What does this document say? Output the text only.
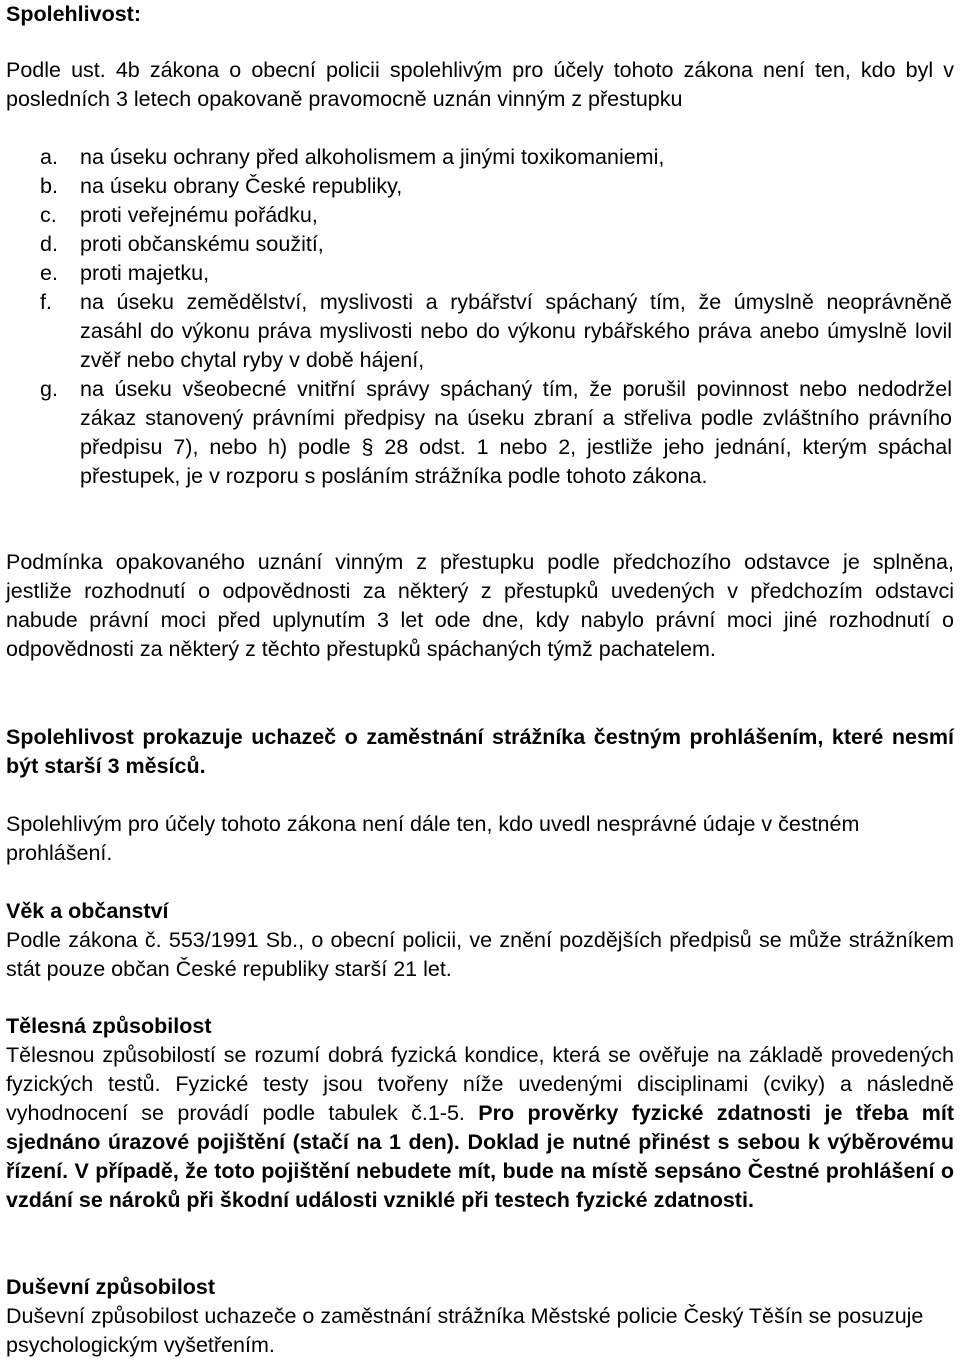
Spolehlivost:
Podle ust. 4b zákona o obecní policii spolehlivým pro účely tohoto zákona není ten, kdo byl v posledních 3 letech opakovaně pravomocně uznán vinným z přestupku
a.	na úseku ochrany před alkoholismem a jinými toxikomaniemi,
b.	na úseku obrany České republiky,
c.	proti veřejnému pořádku,
d.	proti občanskému soužití,
e.	proti majetku,
f.	na úseku zemědělství, myslivosti a rybářství spáchaný tím, že úmyslně neoprávněně zasáhl do výkonu práva myslivosti nebo do výkonu rybářského práva anebo úmyslně lovil zvěř nebo chytal ryby v době hájení,
g.	na úseku všeobecné vnitřní správy spáchaný tím, že porušil povinnost nebo nedodržel zákaz stanovený právními předpisy na úseku zbraní a střeliva podle zvláštního právního předpisu 7), nebo h) podle § 28 odst. 1 nebo 2, jestliže jeho jednání, kterým spáchal přestupek, je v rozporu s posláním strážníka podle tohoto zákona.
Podmínka opakovaného uznání vinným z přestupku podle předchozího odstavce je splněna, jestliže rozhodnutí o odpovědnosti za některý z přestupků uvedených v předchozím odstavci nabude právní moci před uplynutím 3 let ode dne, kdy nabylo právní moci jiné rozhodnutí o odpovědnosti za některý z těchto přestupků spáchaných týmž pachatelem.
Spolehlivost prokazuje uchazeč o zaměstnání strážníka čestným prohlášením, které nesmí být starší 3 měsíců.
Spolehlivým pro účely tohoto zákona není dále ten, kdo uvedl nesprávné údaje v čestném prohlášení.
Věk a občanství
Podle zákona č. 553/1991 Sb., o obecní policii, ve znění pozdějších předpisů se může strážníkem stát pouze občan České republiky starší 21 let.
Tělesná způsobilost
Tělesnou způsobilostí se rozumí dobrá fyzická kondice, která se ověřuje na základě provedených fyzických testů. Fyzické testy jsou tvořeny níže uvedenými disciplinami (cviky) a následně vyhodnocení se provádí podle tabulek č.1-5. Pro prověrky fyzické zdatnosti je třeba mít sjednáno úrazové pojištění (stačí na 1 den). Doklad je nutné přinést s sebou k výběrovému řízení. V případě, že toto pojištění nebudete mít, bude na místě sepsáno Čestné prohlášení o vzdání se nároků při škodní události vzniklé při testech fyzické zdatnosti.
Duševní způsobilost
Duševní způsobilost uchazeče o zaměstnání strážníka Městské policie Český Těšín se posuzuje psychologickým vyšetřením.
